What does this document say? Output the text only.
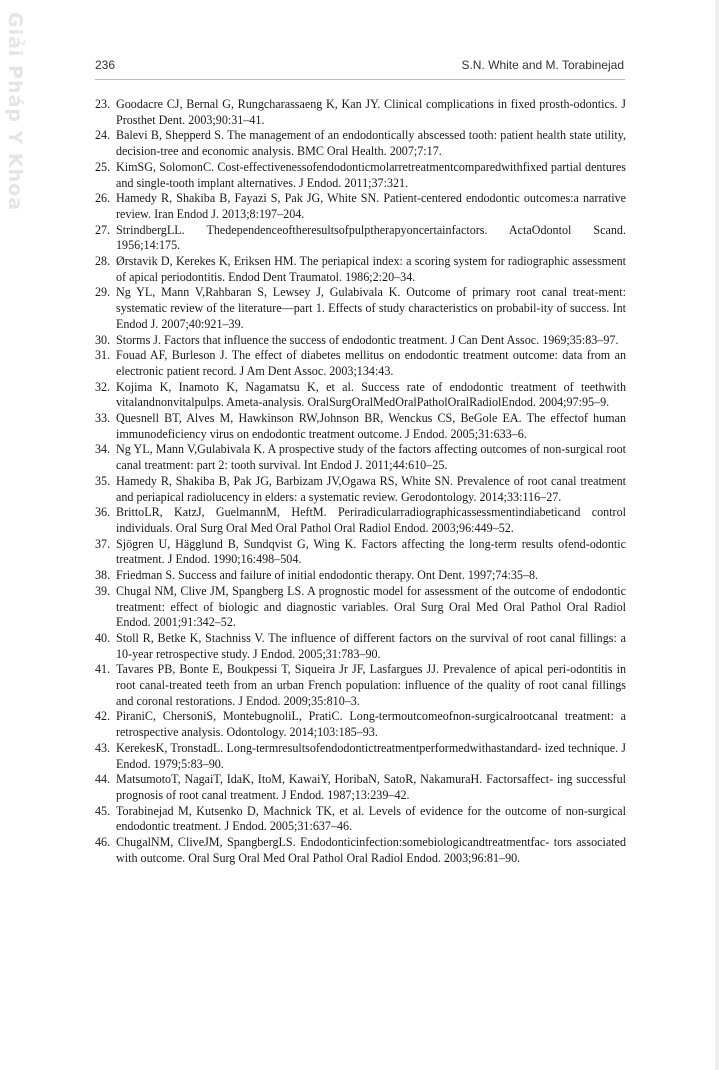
Giải Pháp Y Khoa	236	S.N. White and M. Torabinejad
23. Goodacre CJ, Bernal G, Rungcharassaeng K, Kan JY. Clinical complications in fixed prosth-odontics. J Prosthet Dent. 2003;90:31–41.
24. Balevi B, Shepperd S. The management of an endodontically abscessed tooth: patient health state utility, decision-tree and economic analysis. BMC Oral Health. 2007;7:17.
25. KimSG, SolomonC. Cost-effectivenessofendodonticmolarretreatmentcomparedwithfixed partial dentures and single-tooth implant alternatives. J Endod. 2011;37:321.
26. Hamedy R, Shakiba B, Fayazi S, Pak JG, White SN. Patient-centered endodontic outcomes:a narrative review. Iran Endod J. 2013;8:197–204.
27. StrindbergLL. Thedependenceoftheresultsofpulptherapyoncertainfactors. ActaOdontol Scand. 1956;14:175.
28. Ørstavik D, Kerekes K, Eriksen HM. The periapical index: a scoring system for radiographic assessment of apical periodontitis. Endod Dent Traumatol. 1986;2:20–34.
29. Ng YL, Mann V,Rahbaran S, Lewsey J, Gulabivala K. Outcome of primary root canal treat-ment: systematic review of the literature—part 1. Effects of study characteristics on probabil-ity of success. Int Endod J. 2007;40:921–39.
30. Storms J. Factors that influence the success of endodontic treatment. J Can Dent Assoc. 1969;35:83–97.
31. Fouad AF, Burleson J. The effect of diabetes mellitus on endodontic treatment outcome: data from an electronic patient record. J Am Dent Assoc. 2003;134:43.
32. Kojima K, Inamoto K, Nagamatsu K, et al. Success rate of endodontic treatment of teethwith vitalandnonvitalpulps. Ameta-analysis. OralSurgOralMedOralPatholOralRadiolEndod. 2004;97:95–9.
33. Quesnell BT, Alves M, Hawkinson RW,Johnson BR, Wenckus CS, BeGole EA. The effectof human immunodeficiency virus on endodontic treatment outcome. J Endod. 2005;31:633–6.
34. Ng YL, Mann V,Gulabivala K. A prospective study of the factors affecting outcomes of non-surgical root canal treatment: part 2: tooth survival. Int Endod J. 2011;44:610–25.
35. Hamedy R, Shakiba B, Pak JG, Barbizam JV,Ogawa RS, White SN. Prevalence of root canal treatment and periapical radiolucency in elders: a systematic review. Gerodontology. 2014;33:116–27.
36. BrittoLR, KatzJ, GuelmannM, HeftM. Periradicularradiographicassessmentindiabeticand control individuals. Oral Surg Oral Med Oral Pathol Oral Radiol Endod. 2003;96:449–52.
37. Sjögren U, Hägglund B, Sundqvist G, Wing K. Factors affecting the long-term results ofend-odontic treatment. J Endod. 1990;16:498–504.
38. Friedman S. Success and failure of initial endodontic therapy. Ont Dent. 1997;74:35–8.
39. Chugal NM, Clive JM, Spangberg LS. A prognostic model for assessment of the outcome of endodontic treatment: effect of biologic and diagnostic variables. Oral Surg Oral Med Oral Pathol Oral Radiol Endod. 2001;91:342–52.
40. Stoll R, Betke K, Stachniss V. The influence of different factors on the survival of root canal fillings: a 10-year retrospective study. J Endod. 2005;31:783–90.
41. Tavares PB, Bonte E, Boukpessi T, Siqueira Jr JF, Lasfargues JJ. Prevalence of apical peri-odontitis in root canal-treated teeth from an urban French population: influence of the quality of root canal fillings and coronal restorations. J Endod. 2009;35:810–3.
42. PiraniC, ChersoniS, MontebugnoliL, PratiC. Long-termoutcomeofnon-surgicalrootcanal treatment: a retrospective analysis. Odontology. 2014;103:185–93.
43. KerekesK, TronstadL. Long-termresultsofendodontictreatmentperformedwithastandard- ized technique. J Endod. 1979;5:83–90.
44. MatsumotoT, NagaiT, IdaK, ItoM, KawaiY, HoribaN, SatoR, NakamuraH. Factorsaffect- ing successful prognosis of root canal treatment. J Endod. 1987;13:239–42.
45. Torabinejad M, Kutsenko D, Machnick TK, et al. Levels of evidence for the outcome of non-surgical endodontic treatment. J Endod. 2005;31:637–46.
46. ChugalNM, CliveJM, SpangbergLS. Endodonticinfection:somebiologicandtreatmentfac- tors associated with outcome. Oral Surg Oral Med Oral Pathol Oral Radiol Endod. 2003;96:81–90.
